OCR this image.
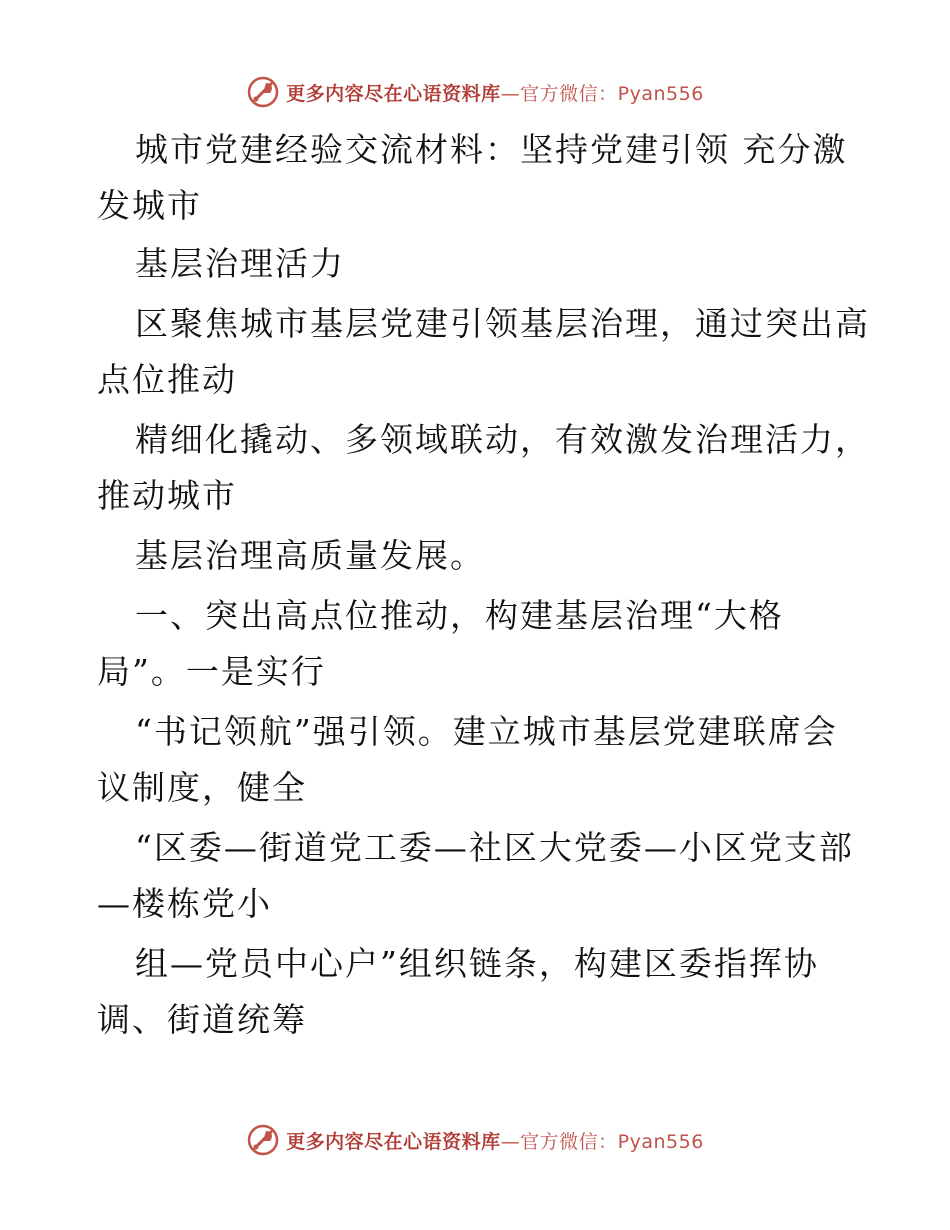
更多内容尽在心语资料库—官方微信：Pyan556
城市党建经验交流材料：坚持党建引领 充分激
发城市
基层治理活力
区聚焦城市基层党建引领基层治理，通过突出高
点位推动
精细化撬动、多领域联动，有效激发治理活力，
推动城市
基层治理高质量发展。
一、突出高点位推动，构建基层治理“大格
局”。一是实行
“书记领航”强引领。建立城市基层党建联席会
议制度，健全
“区委—街道党工委—社区大党委—小区党支部
—楼栋党小
组—党员中心户”组织链条，构建区委指挥协
调、街道统筹
更多内容尽在心语资料库—官方微信：Pyan556
